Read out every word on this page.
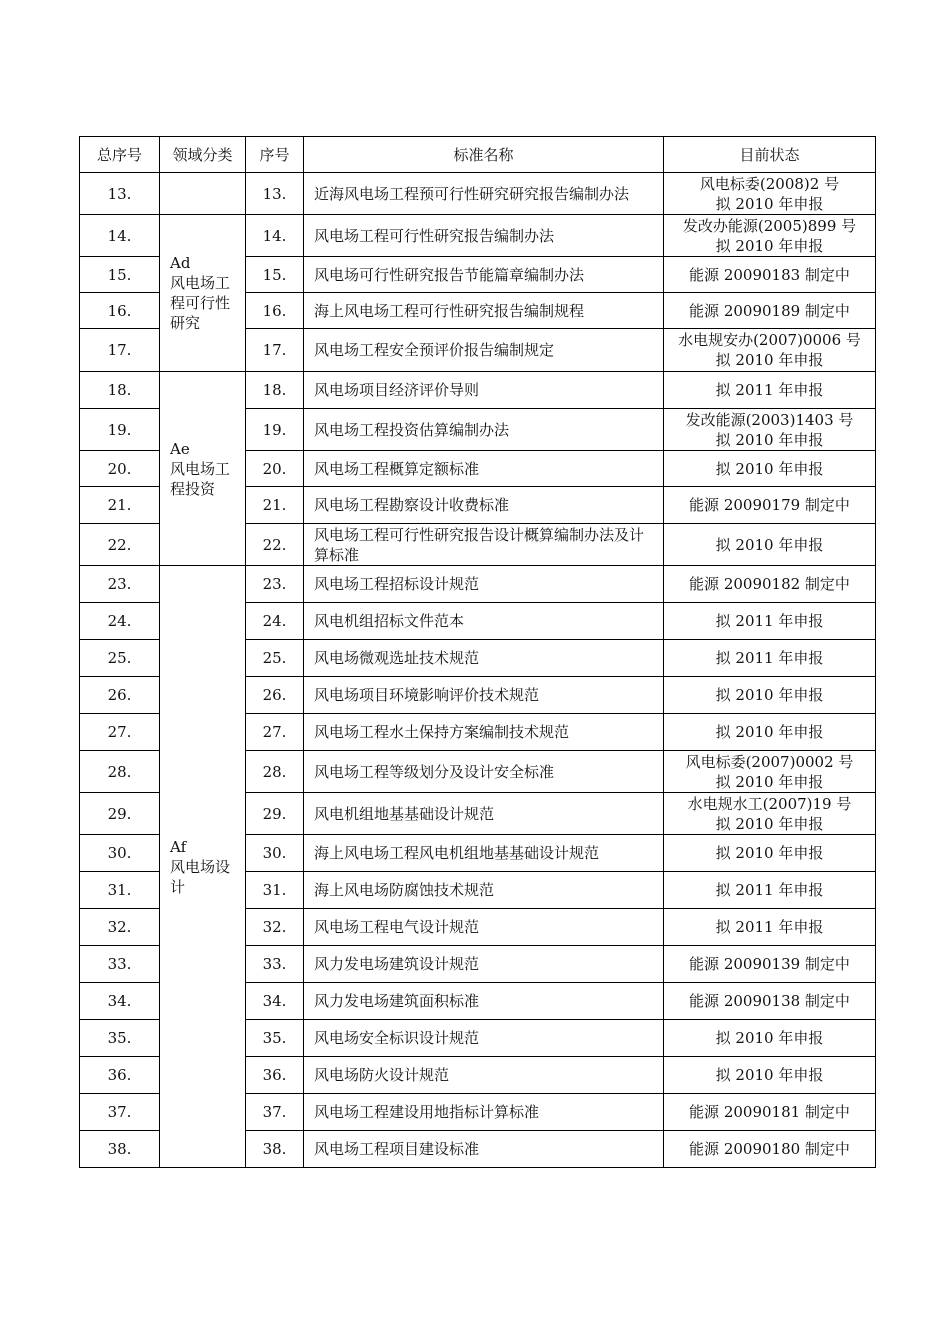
总序号	领域分类	序号	标准名称	目前状态
13.		13.	近海风电场工程预可行性研究研究报告编制办法	风电标委(2008)2 号
拟 2010 年申报

14.	Ad
风电场工
程可行性
研究	14.	风电场工程可行性研究报告编制办法	发改办能源(2005)899 号
拟 2010 年申报

15.		15.	风电场可行性研究报告节能篇章编制办法	能源 20090183 制定中

16.		16.	海上风电场工程可行性研究报告编制规程	能源 20090189 制定中

17.		17.	风电场工程安全预评价报告编制规定	水电规安办(2007)0006 号
拟 2010 年申报

18.	Ae
风电场工
程投资	18.	风电场项目经济评价导则	拟 2011 年申报

19.		19.	风电场工程投资估算编制办法	发改能源(2003)1403 号
拟 2010 年申报

20.		20.	风电场工程概算定额标准	拟 2010 年申报

21.		21.	风电场工程勘察设计收费标准	能源 20090179 制定中

22.		22.	风电场工程可行性研究报告设计概算编制办法及计算标准	拟 2010 年申报

23.	Af
风电场设
计	23.	风电场工程招标设计规范	能源 20090182 制定中

24.		24.	风电机组招标文件范本	拟 2011 年申报

25.		25.	风电场微观选址技术规范	拟 2011 年申报

26.		26.	风电场项目环境影响评价技术规范	拟 2010 年申报

27.		27.	风电场工程水土保持方案编制技术规范	拟 2010 年申报

28.		28.	风电场工程等级划分及设计安全标准	风电标委(2007)0002 号
拟 2010 年申报

29.		29.	风电机组地基基础设计规范	水电规水工(2007)19 号
拟 2010 年申报

30.		30.	海上风电场工程风电机组地基基础设计规范	拟 2010 年申报

31.		31.	海上风电场防腐蚀技术规范	拟 2011 年申报

32.		32.	风电场工程电气设计规范	拟 2011 年申报

33.		33.	风力发电场建筑设计规范	能源 20090139 制定中

34.		34.	风力发电场建筑面积标准	能源 20090138 制定中

35.		35.	风电场安全标识设计规范	拟 2010 年申报

36.		36.	风电场防火设计规范	拟 2010 年申报

37.		37.	风电场工程建设用地指标计算标准	能源 20090181 制定中

38.		38.	风电场工程项目建设标准	能源 20090180 制定中
